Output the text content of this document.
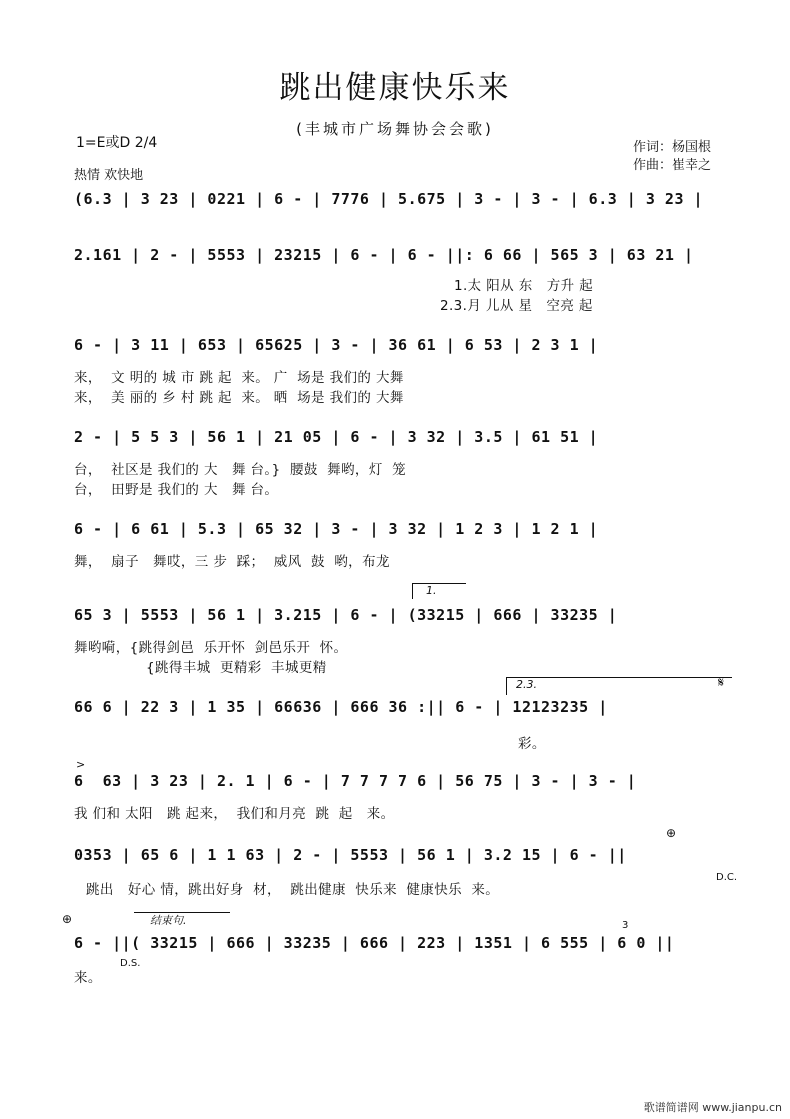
跳出健康快乐来
(丰城市广场舞协会会歌)
1=E或D 2/4
热情 欢快地
作词：杨国根
作曲：崔幸之
(6.3 | 3 23 | 0221 | 6 - | 7776 | 5.675 | 3 - | 3 - | 6.3 | 3 23 |
2.161 | 2 - | 5553 | 23215 | 6 - | 6 - ||: 6 66 | 565 3 | 63 21 |
1.太 阳从 东   方升 起
2.3.月 儿从 星   空亮 起
6 - | 3 11 | 653 | 65625 | 3 - | 36 61 | 6 53 | 2 3 1 |
来，  文 明的 城 市 跳 起  来。 广  场是 我们的 大舞
来，  美 丽的 乡 村 跳 起  来。 晒  场是 我们的 大舞
2 - | 5 5 3 | 56 1 | 21 05 | 6 - | 3 32 | 3.5 | 61 51 |
台，  社区是 我们的 大   舞 台。}  腰鼓  舞哟，灯  笼
台，  田野是 我们的 大   舞 台。
6 - | 6 61 | 5.3 | 65 32 | 3 - | 3 32 | 1 2 3 | 1 2 1 |
舞，  扇子   舞哎，三 步  踩；  威风  鼓  哟，布龙
1.
65 3 | 5553 | 56 1 | 3.215 | 6 - | (33215 | 666 | 33235 |
舞哟嗬，{跳得剑邑  乐开怀  剑邑乐开  怀。
{跳得丰城  更精彩  丰城更精
2.3.	𝄋
66 6 | 22 3 | 1 35 | 66636 | 666 36 :|| 6 - | 12123235 |
彩。
>
6  63 | 3 23 | 2. 1 | 6 - | 7 7 7 7 6 | 56 75 | 3 - | 3 - |
我 们和 太阳   跳 起来，  我们和月亮  跳  起   来。
⊕
0353 | 65 6 | 1 1 63 | 2 - | 5553 | 56 1 | 3.2 15 | 6 - ||
跳出   好心 情，跳出好身  材，  跳出健康  快乐来  健康快乐  来。
D.C.
⊕	结束句.	3
6 - ||( 33215 | 666 | 33235 | 666 | 223 | 1351 | 6 555 | 6 0 ||
D.S.
来。
歌谱简谱网 www.jianpu.cn
